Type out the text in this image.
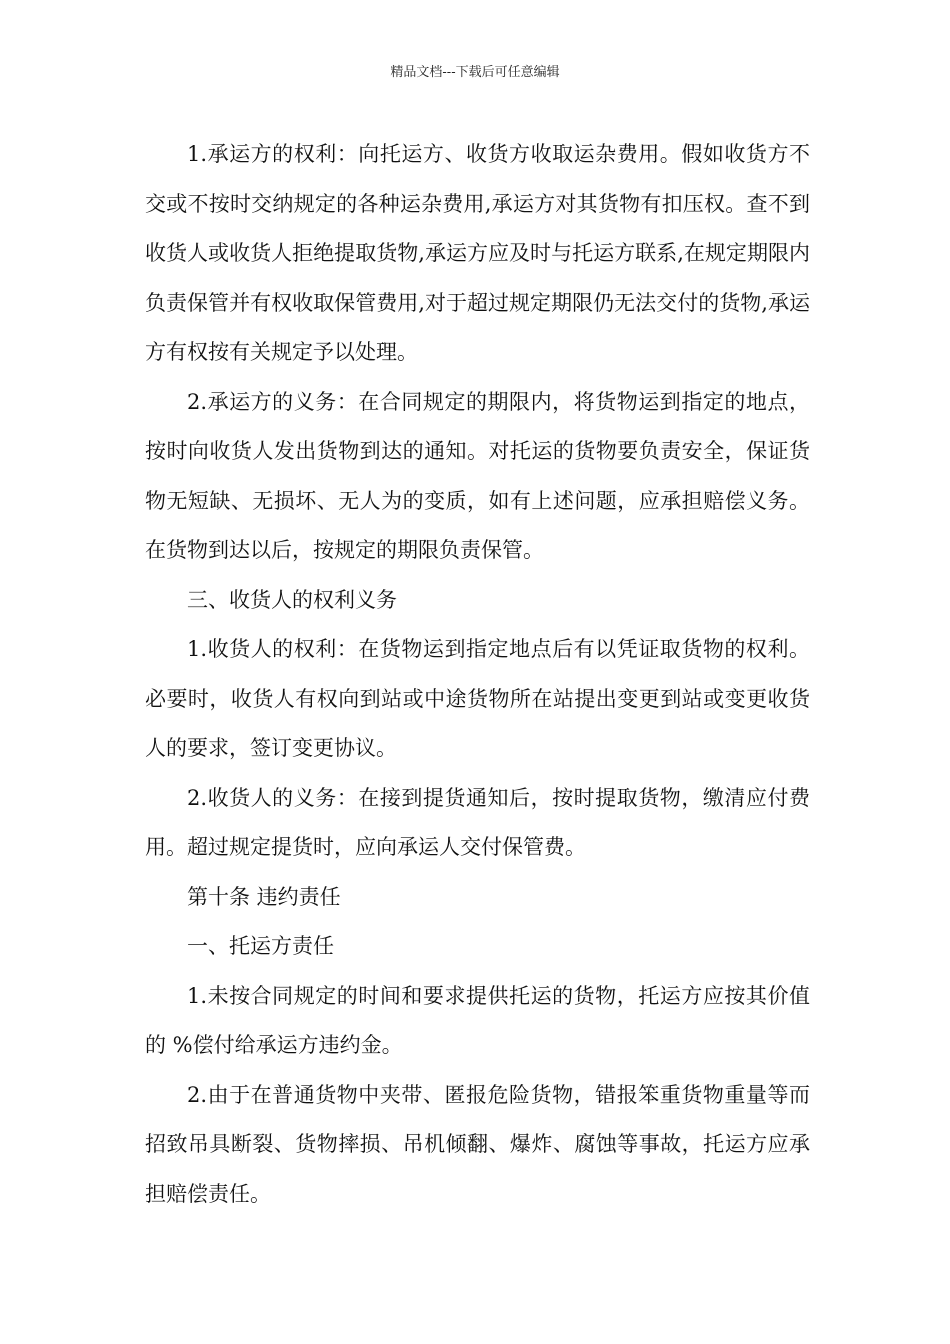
精品文档---下载后可任意编辑

1.承运方的权利：向托运方、收货方收取运杂费用。假如收货方不交或不按时交纳规定的各种运杂费用,承运方对其货物有扣压权。查不到收货人或收货人拒绝提取货物,承运方应及时与托运方联系,在规定期限内负责保管并有权收取保管费用,对于超过规定期限仍无法交付的货物,承运方有权按有关规定予以处理。

2.承运方的义务：在合同规定的期限内，将货物运到指定的地点，按时向收货人发出货物到达的通知。对托运的货物要负责安全，保证货物无短缺、无损坏、无人为的变质，如有上述问题，应承担赔偿义务。在货物到达以后，按规定的期限负责保管。

三、收货人的权利义务

1.收货人的权利：在货物运到指定地点后有以凭证取货物的权利。必要时，收货人有权向到站或中途货物所在站提出变更到站或变更收货人的要求，签订变更协议。

2.收货人的义务：在接到提货通知后，按时提取货物，缴清应付费用。超过规定提货时，应向承运人交付保管费。

第十条 违约责任

一、托运方责任

1.未按合同规定的时间和要求提供托运的货物，托运方应按其价值的 %偿付给承运方违约金。

2.由于在普通货物中夹带、匿报危险货物，错报笨重货物重量等而招致吊具断裂、货物摔损、吊机倾翻、爆炸、腐蚀等事故，托运方应承担赔偿责任。
